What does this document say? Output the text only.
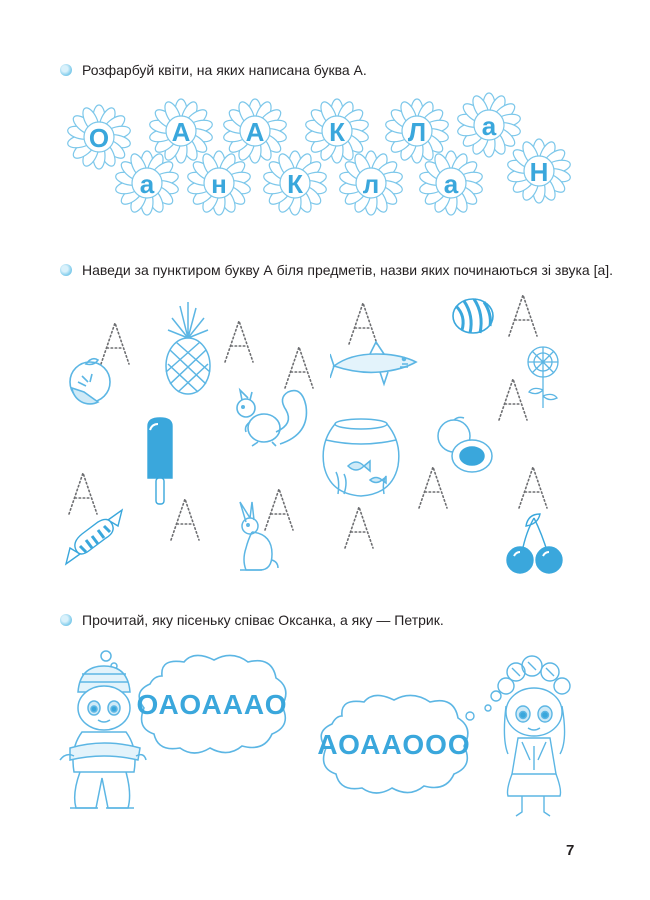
Розфарбуй квіти, на яких написана буква А.
О	А	А	К	Л	а
а	н	К	л	а	Н
Наведи за пунктиром букву А біля предметів, назви яких починаються зі звука [а].
Прочитай, яку пісеньку співає Оксанка, а яку — Петрик.
ОАОАААО
АОААООО
7
